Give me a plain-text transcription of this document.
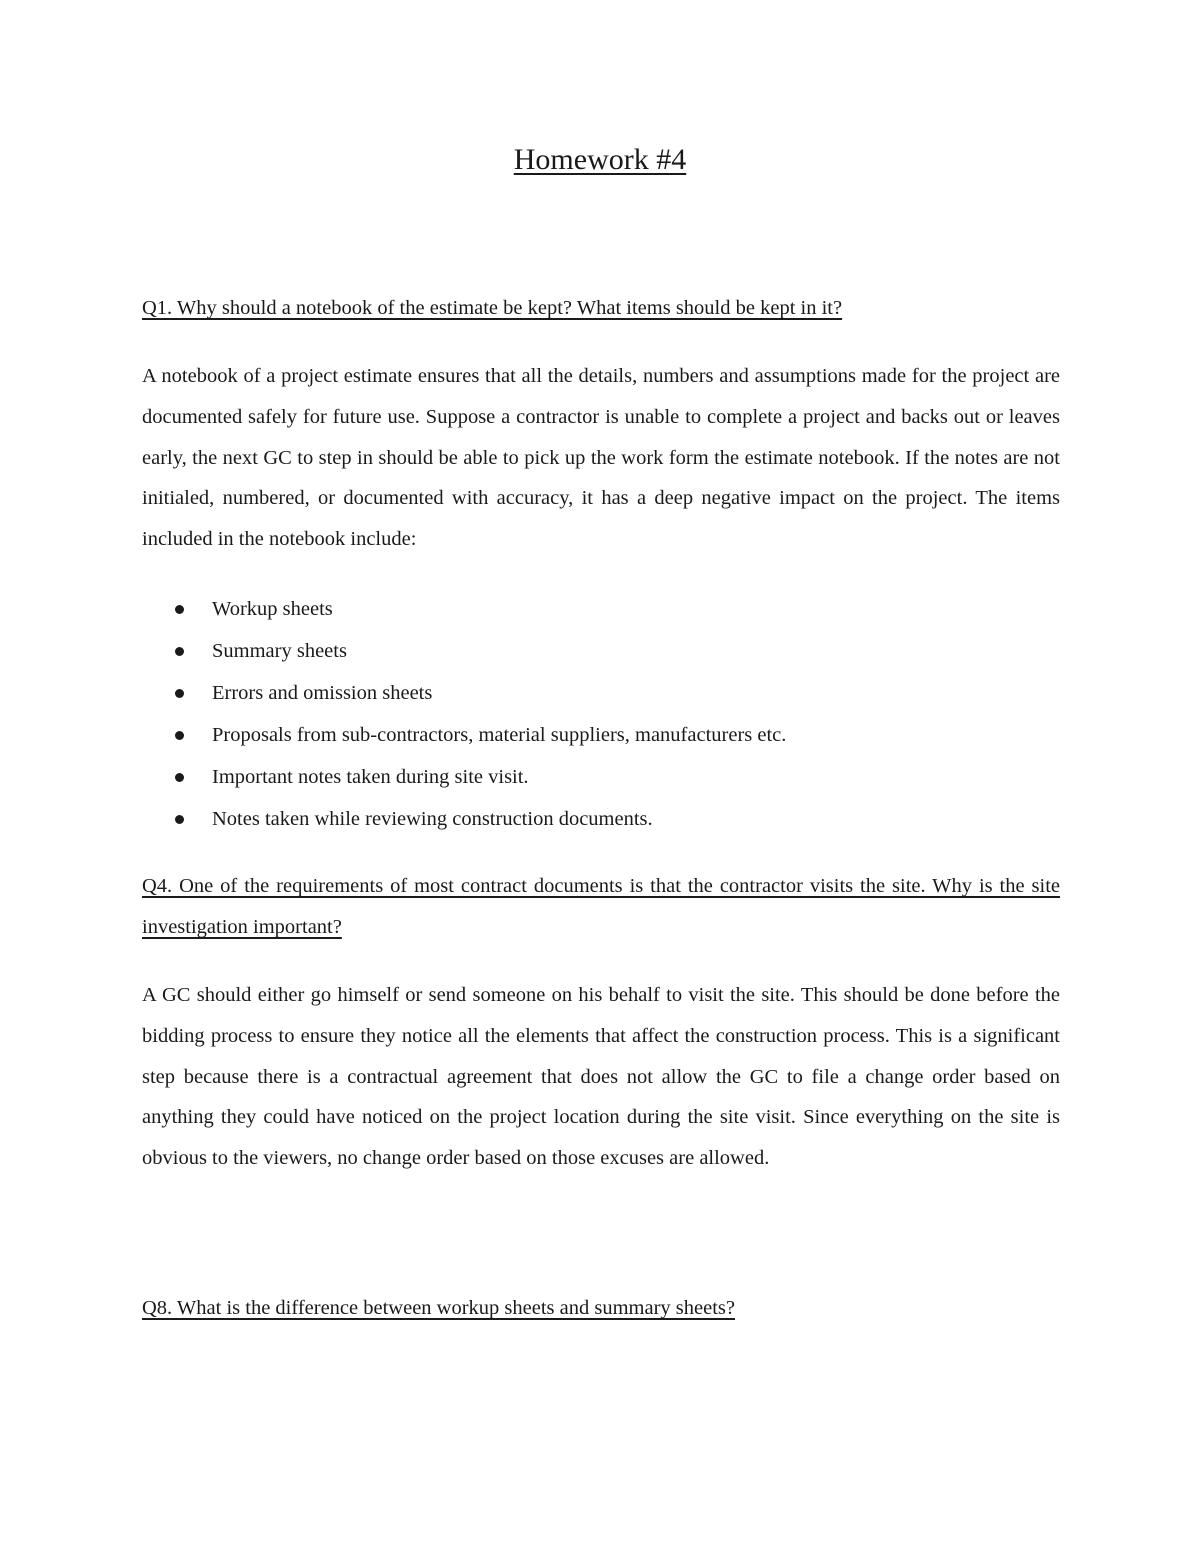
Homework #4
Q1. Why should a notebook of the estimate be kept? What items should be kept in it?

A notebook of a project estimate ensures that all the details, numbers and assumptions made for the project are documented safely for future use. Suppose a contractor is unable to complete a project and backs out or leaves early, the next GC to step in should be able to pick up the work form the estimate notebook. If the notes are not initialed, numbered, or documented with accuracy, it has a deep negative impact on the project. The items included in the notebook include:

Workup sheets
Summary sheets
Errors and omission sheets
Proposals from sub-contractors, material suppliers, manufacturers etc.
Important notes taken during site visit.
Notes taken while reviewing construction documents.
Q4. One of the requirements of most contract documents is that the contractor visits the site. Why is the site investigation important?

A GC should either go himself or send someone on his behalf to visit the site. This should be done before the bidding process to ensure they notice all the elements that affect the construction process. This is a significant step because there is a contractual agreement that does not allow the GC to file a change order based on anything they could have noticed on the project location during the site visit. Since everything on the site is obvious to the viewers, no change order based on those excuses are allowed.

Q8. What is the difference between workup sheets and summary sheets?
